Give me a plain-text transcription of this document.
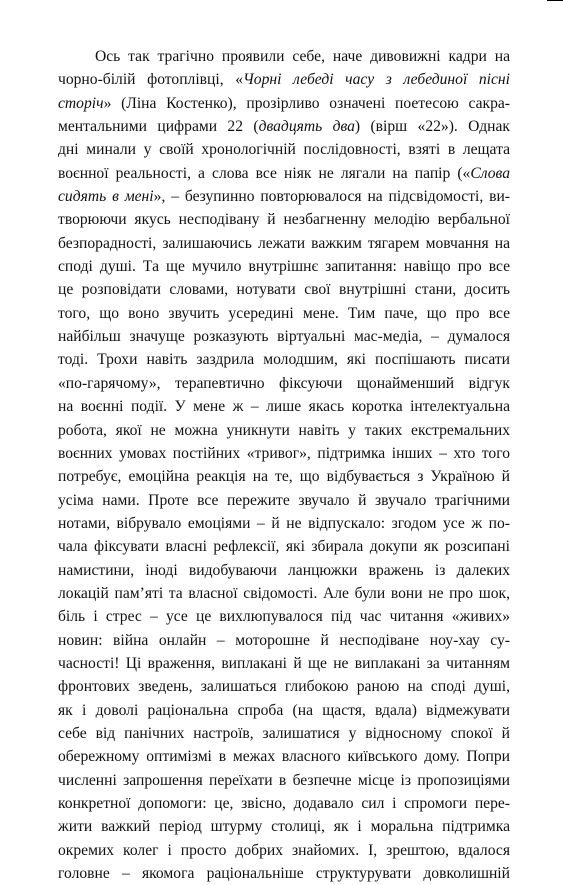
Ось так трагічно проявили себе, наче дивовижні кадри на
чорно-білій фотоплівці, «Чорні лебеді часу з лебединої пісні
сторіч» (Ліна Костенко), прозірливо означені поетесою сакра-
ментальними цифрами 22 (двадцять два) (вірш «22»). Однак
дні минали у своїй хронологічній послідовності, взяті в лещата
воєнної реальності, а слова все ніяк не лягали на папір («Слова
сидять в мені», – безупинно повторювалося на підсвідомості, ви-
творюючи якусь несподівану й незбагненну мелодію вербальної
безпорадності, залишаючись лежати важким тягарем мовчання на
споді душі. Та ще мучило внутрішнє запитання: навіщо про все
це розповідати словами, нотувати свої внутрішні стани, досить
того, що воно звучить усередині мене. Тим паче, що про все
найбільш значуще розказують віртуальні мас-медіа, – думалося
тоді. Трохи навіть заздрила молодшим, які поспішають писати
«по-гарячому», терапевтично фіксуючи щонайменший відгук
на воєнні події. У мене ж – лише якась коротка інтелектуальна
робота, якої не можна уникнути навіть у таких екстремальних
воєнних умовах постійних «тривог», підтримка інших – хто того
потребує, емоційна реакція на те, що відбувається з Україною й
усіма нами. Проте все пережите звучало й звучало трагічними
нотами, вібрувало емоціями – й не відпускало: згодом усе ж по-
чала фіксувати власні рефлексії, які збирала докупи як розсипані
намистини, іноді видобуваючи ланцюжки вражень із далеких
локацій пам’яті та власної свідомості. Але були вони не про шок,
біль і стрес – усе це вихлюпувалося під час читання «живих»
новин: війна онлайн – моторошне й несподіване ноу-хау су-
часності! Ці враження, виплакані й ще не виплакані за читанням
фронтових зведень, залишаться глибокою раною на споді душі,
як і доволі раціональна спроба (на щастя, вдала) відмежувати
себе від панічних настроїв, залишатися у відносному спокої й
обережному оптимізмі в межах власного київського дому. Попри
численні запрошення переїхати в безпечне місце із пропозиціями
конкретної допомоги: це, звісно, додавало сил і спромоги пере-
жити важкий період штурму столиці, як і моральна підтримка
окремих колег і просто добрих знайомих. І, зрештою, вдалося
головне – якомога раціональніше структурувати довколишній
